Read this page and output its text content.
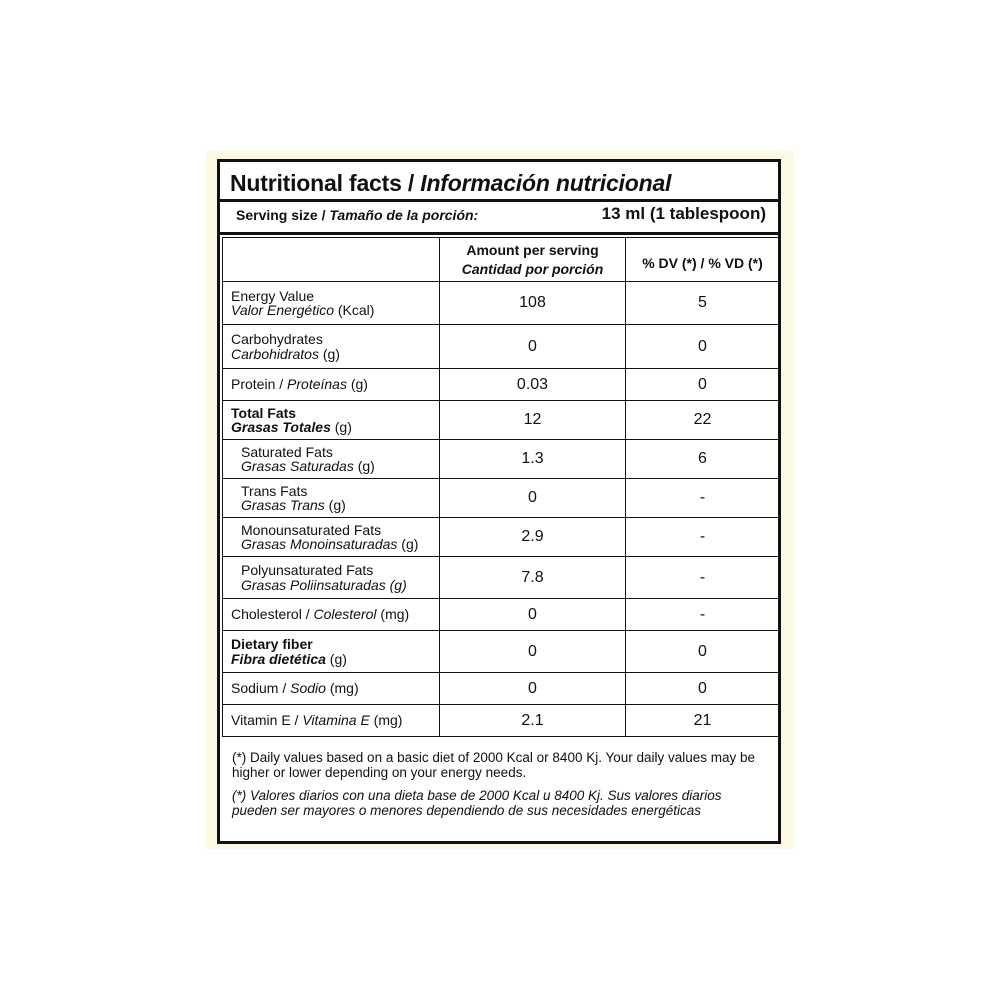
Nutritional facts / Información nutricional
Serving size / Tamaño de la porción:	13 ml (1 tablespoon)
	Amount per serving
Cantidad por porción	% DV (*) / % VD (*)
Energy Value
Valor Energético (Kcal)	108	5
Carbohydrates
Carbohidratos (g)	0	0
Protein / Proteínas (g)	0.03	0
Total Fats
Grasas Totales (g)	12	22
Saturated Fats
Grasas Saturadas (g)	1.3	6
Trans Fats
Grasas Trans (g)	0	-
Monounsaturated Fats
Grasas Monoinsaturadas (g)	2.9	-
Polyunsaturated Fats
Grasas Poliinsaturadas (g)	7.8	-
Cholesterol / Colesterol (mg)	0	-
Dietary fiber
Fibra dietética (g)	0	0
Sodium / Sodio (mg)	0	0
Vitamin E / Vitamina E (mg)	2.1	21

(*) Daily values based on a basic diet of 2000 Kcal or 8400 Kj. Your daily values may be higher or lower depending on your energy needs.

(*) Valores diarios con una dieta base de 2000 Kcal u 8400 Kj. Sus valores diarios pueden ser mayores o menores dependiendo de sus necesidades energéticas
